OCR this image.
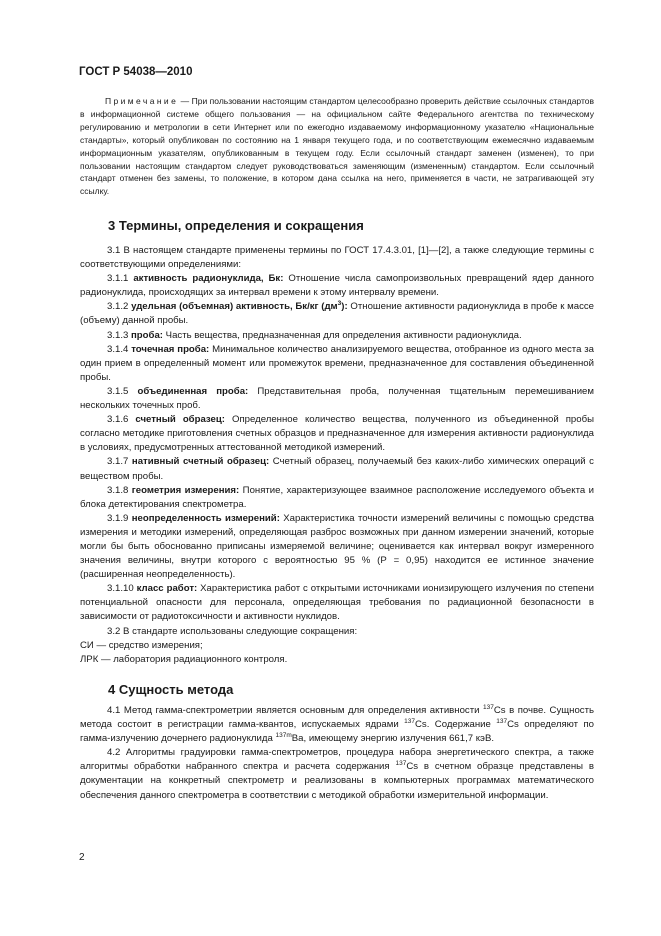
ГОСТ Р 54038—2010

Примечание — При пользовании настоящим стандартом целесообразно проверить действие ссылочных стандартов в информационной системе общего пользования — на официальном сайте Федерального агентства по техническому регулированию и метрологии в сети Интернет или по ежегодно издаваемому информационному указателю «Национальные стандарты», который опубликован по состоянию на 1 января текущего года, и по соответствующим ежемесячно издаваемым информационным указателям, опубликованным в текущем году. Если ссылочный стандарт заменен (изменен), то при пользовании настоящим стандартом следует руководствоваться заменяющим (измененным) стандартом. Если ссылочный стандарт отменен без замены, то положение, в котором дана ссылка на него, применяется в части, не затрагивающей эту ссылку.

3 Термины, определения и сокращения

3.1 В настоящем стандарте применены термины по ГОСТ 17.4.3.01, [1]—[2], а также следующие термины с соответствующими определениями:

3.1.1 активность радионуклида, Бк: Отношение числа самопроизвольных превращений ядер данного радионуклида, происходящих за интервал времени к этому интервалу времени.

3.1.2 удельная (объемная) активность, Бк/кг $(дм^3)$: Отношение активности радионуклида в пробе к массе (объему) данной пробы.

3.1.3 проба: Часть вещества, предназначенная для определения активности радионуклида.

3.1.4 точечная проба: Минимальное количество анализируемого вещества, отобранное из одного места за один прием в определенный момент или промежуток времени, предназначенное для составления объединенной пробы.

3.1.5 объединенная проба: Представительная проба, полученная тщательным перемешиванием нескольких точечных проб.

3.1.6 счетный образец: Определенное количество вещества, полученного из объединенной пробы согласно методике приготовления счетных образцов и предназначенное для измерения активности радионуклида в условиях, предусмотренных аттестованной методикой измерений.

3.1.7 нативный счетный образец: Счетный образец, получаемый без каких-либо химических операций с веществом пробы.

3.1.8 геометрия измерения: Понятие, характеризующее взаимное расположение исследуемого объекта и блока детектирования спектрометра.

3.1.9 неопределенность измерений: Характеристика точности измерений величины с помощью средства измерения и методики измерений, определяющая разброс возможных при данном измерении значений, которые могли бы быть обоснованно приписаны измеряемой величине; оценивается как интервал вокруг измеренного значения величины, внутри которого с вероятностью 95 % (Р = 0,95) находится ее истинное значение (расширенная неопределенность).

3.1.10 класс работ: Характеристика работ с открытыми источниками ионизирующего излучения по степени потенциальной опасности для персонала, определяющая требования по радиационной безопасности в зависимости от радиотоксичности и активности нуклидов.

3.2 В стандарте использованы следующие сокращения:

СИ — средство измерения;

ЛРК — лаборатория радиационного контроля.

4 Сущность метода

4.1 Метод гамма-спектрометрии является основным для определения активности $^{137}$Cs в почве. Сущность метода состоит в регистрации гамма-квантов, испускаемых ядрами $^{137}$Cs. Содержание $^{137}$Cs определяют по гамма-излучению дочернего радионуклида $^{137m}$Ba, имеющему энергию излучения 661,7 кэВ.

4.2 Алгоритмы градуировки гамма-спектрометров, процедура набора энергетического спектра, а также алгоритмы обработки набранного спектра и расчета содержания $^{137}$Cs в счетном образце представлены в документации на конкретный спектрометр и реализованы в компьютерных программах математического обеспечения данного спектрометра в соответствии с методикой обработки измерительной информации.

2
